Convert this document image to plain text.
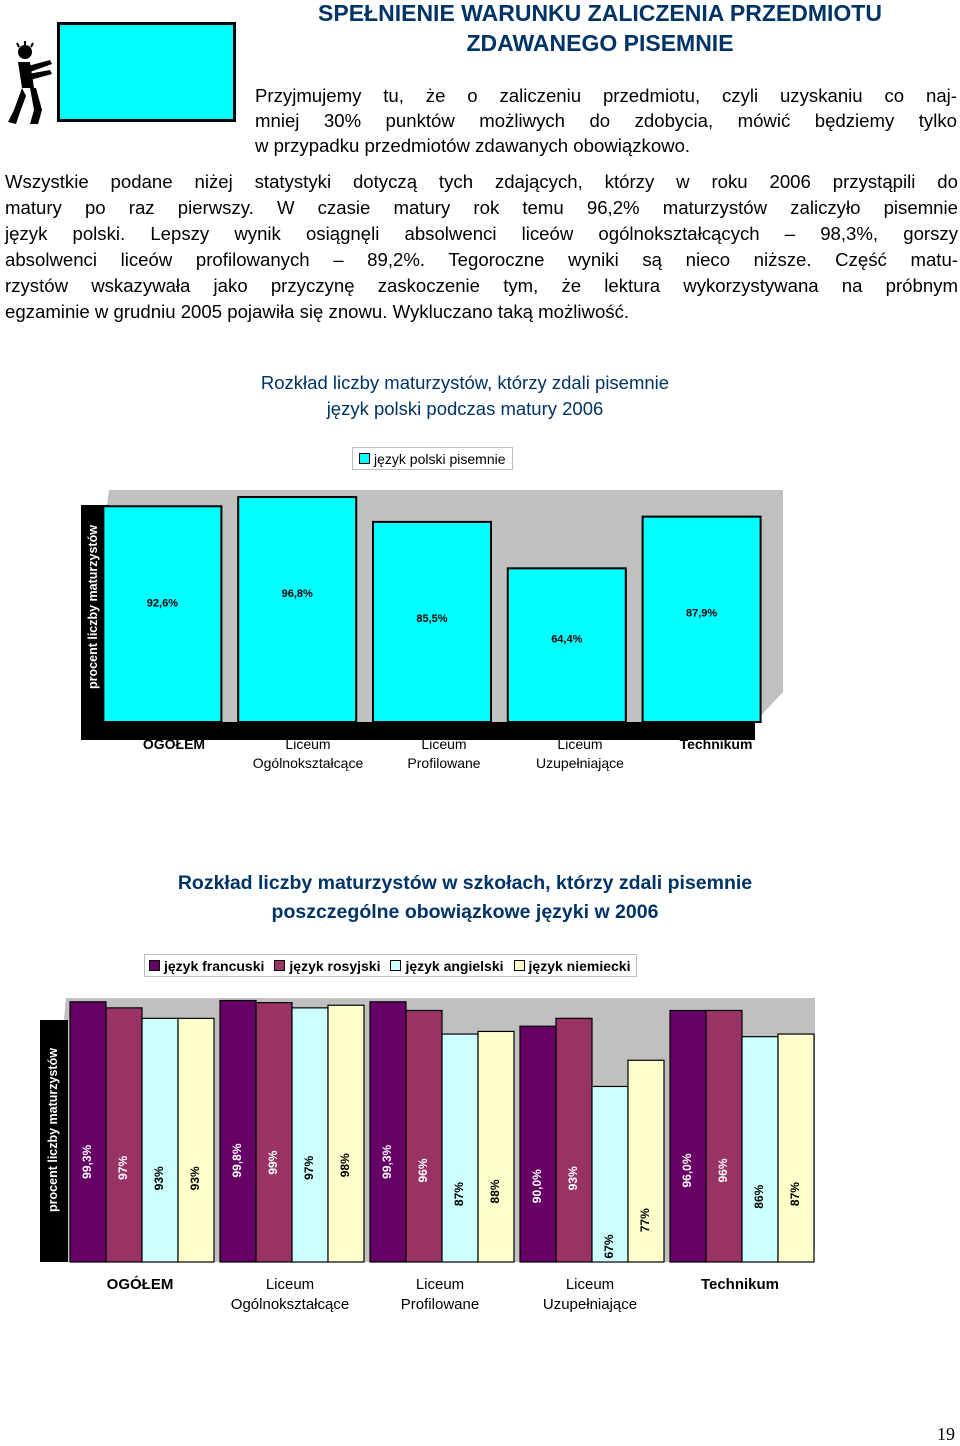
SPEŁNIENIE WARUNKU ZALICZENIA PRZEDMIOTU
ZDAWANEGO PISEMNIE
Przyjmujemy tu, że o zaliczeniu przedmiotu, czyli uzyskaniu co naj-
mniej 30% punktów możliwych do zdobycia, mówić będziemy tylko
w przypadku przedmiotów zdawanych obowiązkowo.
Wszystkie podane niżej statystyki dotyczą tych zdających, którzy w roku 2006 przystąpili do
matury po raz pierwszy. W czasie matury rok temu 96,2% maturzystów zaliczyło pisemnie
język polski. Lepszy wynik osiągnęli absolwenci liceów ogólnokształcących – 98,3%, gorszy
absolwenci liceów profilowanych – 89,2%. Tegoroczne wyniki są nieco niższe. Część matu-
rzystów wskazywała jako przyczynę zaskoczenie tym, że lektura wykorzystywana na próbnym
egzaminie w grudniu 2005 pojawiła się znowu. Wykluczano taką możliwość.
Rozkład liczby maturzystów, którzy zdali pisemnie
język polski podczas matury 2006
język polski pisemnie
92,6%
96,8%
85,5%
64,4%
87,9%
procent liczby maturzystów
OGÓŁEM	Liceum
Ogólnokształcące
Liceum
Profilowane
Liceum
Uzupełniające
Technikum
Rozkład liczby maturzystów w szkołach, którzy zdali pisemnie
poszczególne obowiązkowe języki w 2006
język francuski język rosyjski język angielski język niemiecki
99,3% 97% 93% 93%
99,8% 99% 97% 98% 99,3% 96%
87% 88% 90,0% 93%
67%
77%
96,0% 96%
86% 87%
procent liczby maturzystów
OGÓŁEM	Liceum
Ogólnokształcące
Liceum
Profilowane
Liceum
Uzupełniające
Technikum
19
